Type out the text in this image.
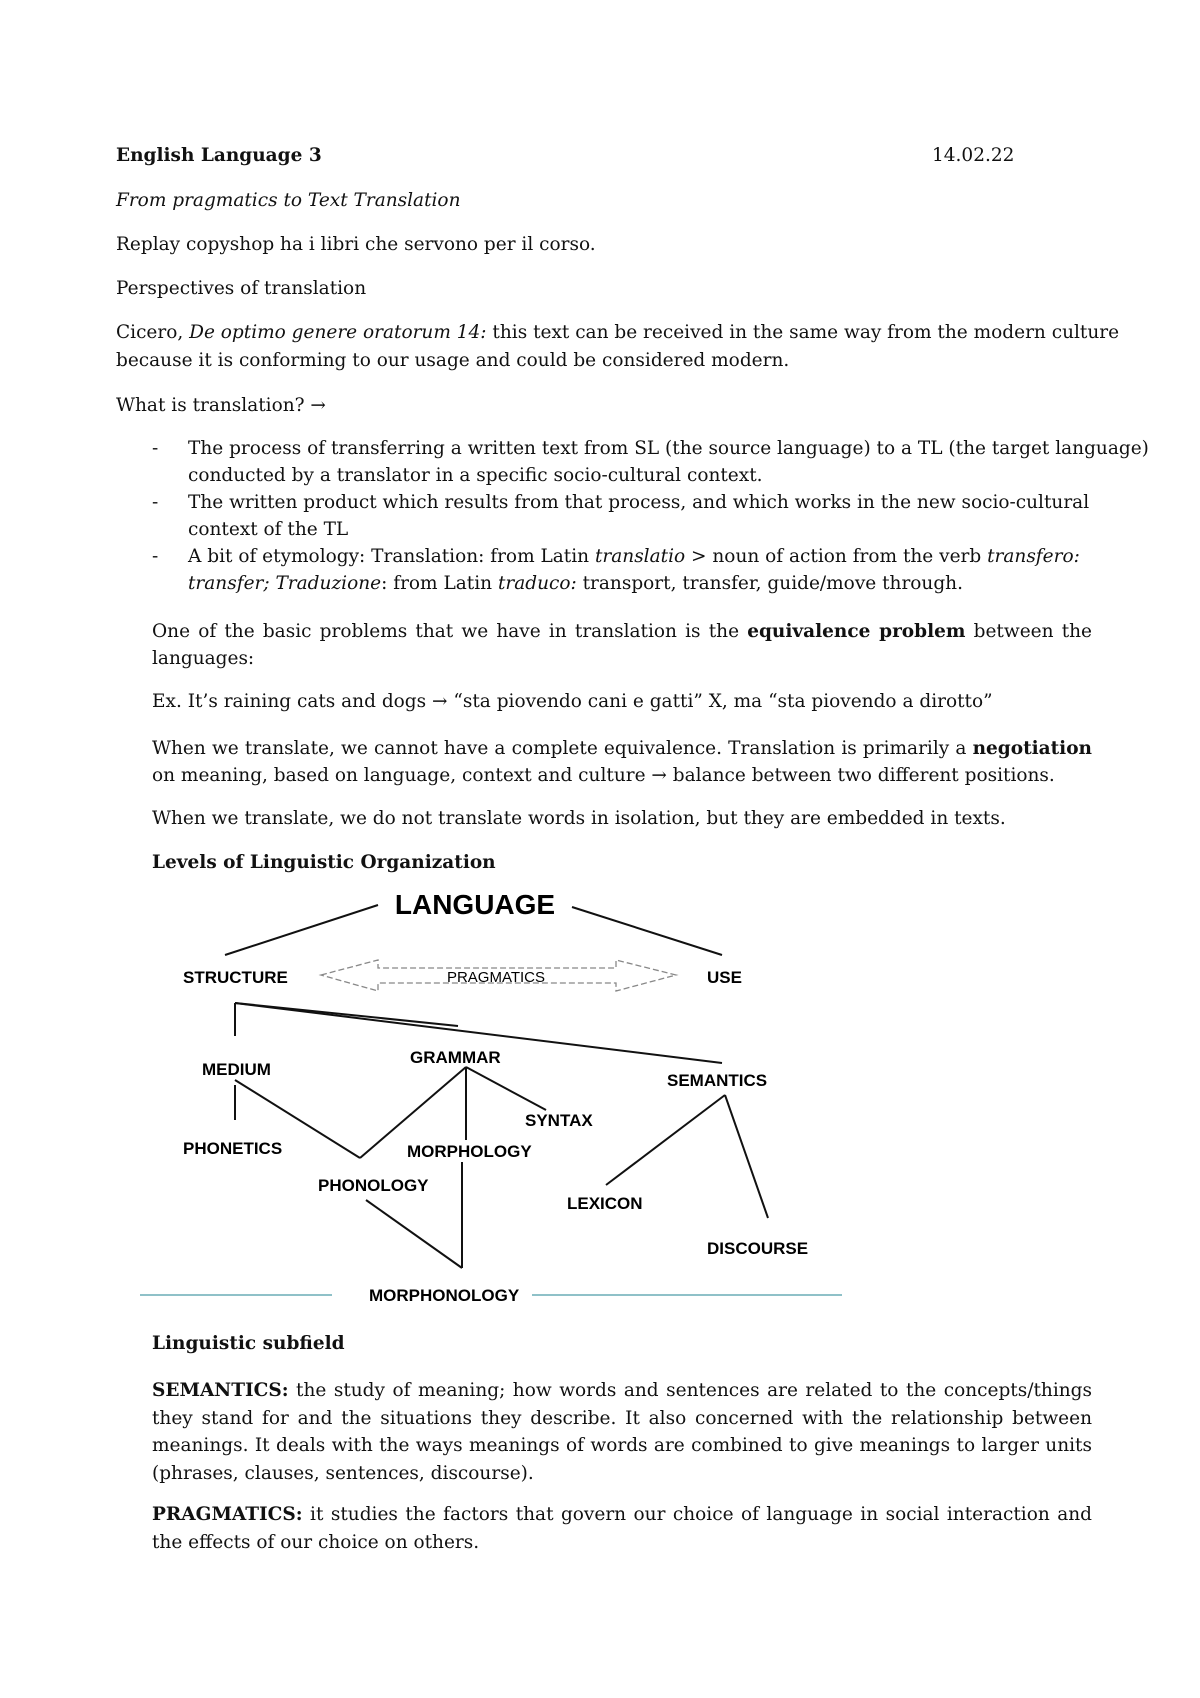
English Language 3	14.02.22
From pragmatics to Text Translation
Replay copyshop ha i libri che servono per il corso.
Perspectives of translation
Cicero, De optimo genere oratorum 14: this text can be received in the same way from the modern culture
because it is conforming to our usage and could be considered modern.
What is translation? →
-	The process of transferring a written text from SL (the source language) to a TL (the target language)
conducted by a translator in a specific socio-cultural context.
-	The written product which results from that process, and which works in the new socio-cultural
context of the TL
-	A bit of etymology: Translation: from Latin translatio > noun of action from the verb transfero:
transfer; Traduzione: from Latin traduco: transport, transfer, guide/move through.
One of the basic problems that we have in translation is the equivalence problem between the languages:
Ex. It’s raining cats and dogs → “sta piovendo cani e gatti” X, ma “sta piovendo a dirotto”
When we translate, we cannot have a complete equivalence. Translation is primarily a negotiation on meaning, based on language, context and culture → balance between two different positions.
When we translate, we do not translate words in isolation, but they are embedded in texts.
Levels of Linguistic Organization
LANGUAGE
STRUCTURE	PRAGMATICS	USE
MEDIUM
GRAMMAR
SEMANTICS
SYNTAX
PHONETICS	MORPHOLOGY
PHONOLOGY
LEXICON
DISCOURSE
MORPHONOLOGY
Linguistic subfield
SEMANTICS: the study of meaning; how words and sentences are related to the concepts/things they stand for and the situations they describe. It also concerned with the relationship between meanings. It deals with the ways meanings of words are combined to give meanings to larger units (phrases, clauses, sentences, discourse).
PRAGMATICS: it studies the factors that govern our choice of language in social interaction and the effects of our choice on others.
